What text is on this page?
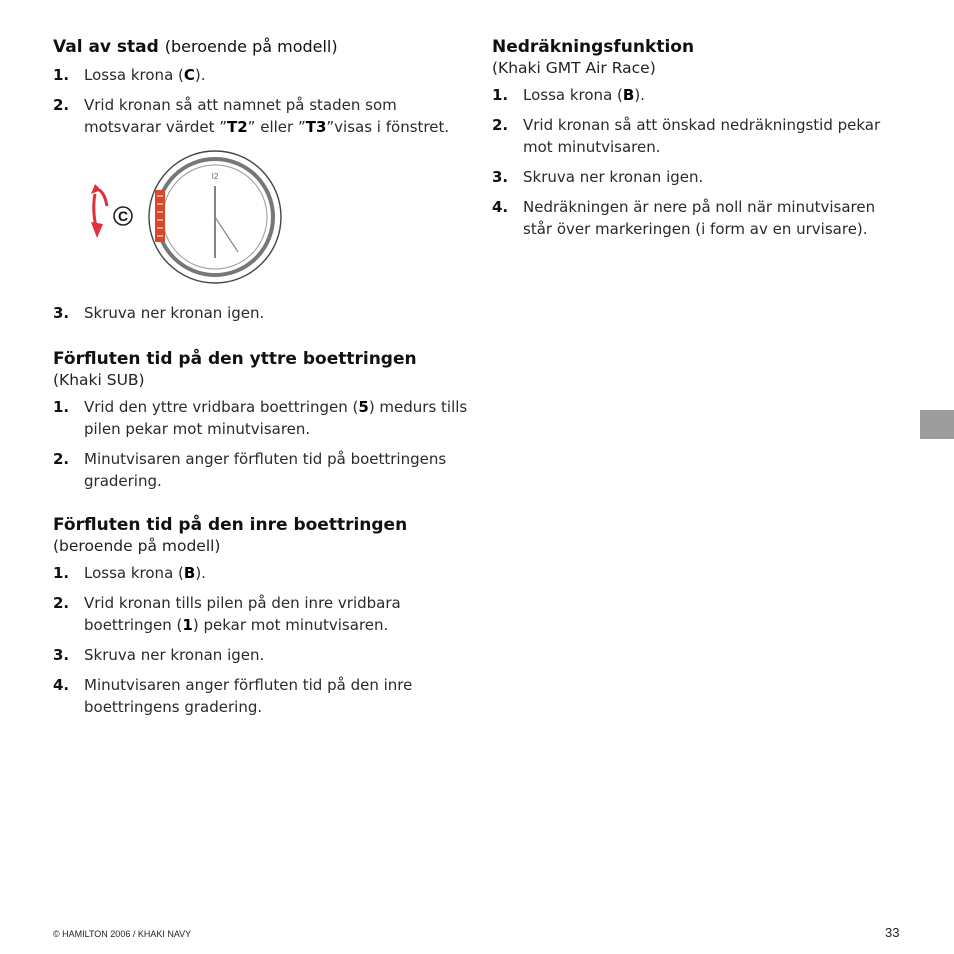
Val av stad (beroende på modell)

1. Lossa krona (C).
2. Vrid kronan så att namnet på staden som motsvarar värdet ”T2” eller ”T3”visas i fönstret.
C
I2
3. Skruva ner kronan igen.

Förfluten tid på den yttre boettringen

(Khaki SUB)

1. Vrid den yttre vridbara boettringen (5) medurs tills pilen pekar mot minutvisaren.
2. Minutvisaren anger förfluten tid på boettringens gradering.

Förfluten tid på den inre boettringen

(beroende på modell)

1. Lossa krona (B).
2. Vrid kronan tills pilen på den inre vridbara boettringen (1) pekar mot minutvisaren.
3. Skruva ner kronan igen.
4. Minutvisaren anger förfluten tid på den inre boettringens gradering.

Nedräkningsfunktion

(Khaki GMT Air Race)

1. Lossa krona (B).
2. Vrid kronan så att önskad nedräkningstid pekar mot minutvisaren.
3. Skruva ner kronan igen.
4. Nedräkningen är nere på noll när minutvisaren står över markeringen (i form av en urvisare).
© HAMILTON 2006 / KHAKI NAVY	33
